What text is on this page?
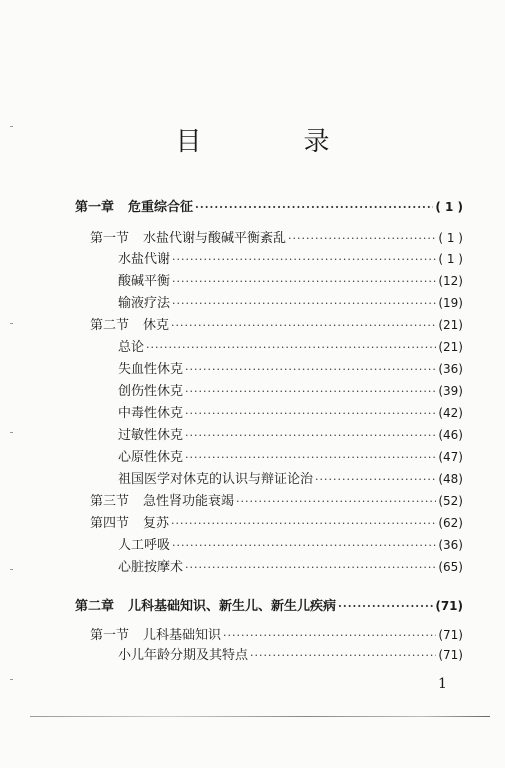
目　录
第一章 危重综合征 ·····	( 1 )
第一节 水盐代谢与酸碱平衡紊乱 ·····	( 1 )
水盐代谢 ·····	( 1 )
酸碱平衡 ·····	(12)
输液疗法 ·····	(19)
第二节 休克 ·····	(21)
总论 ·····	(21)
失血性休克 ·····	(36)
创伤性休克 ·····	(39)
中毒性休克 ·····	(42)
过敏性休克 ·····	(46)
心原性休克 ·····	(47)
祖国医学对休克的认识与辩证论治 ·····	(48)
第三节 急性肾功能衰竭 ·····	(52)
第四节 复苏 ·····	(62)
人工呼吸 ·····	(36)
心脏按摩术 ·····	(65)
第二章 儿科基础知识、新生儿、新生儿疾病 ·····	(71)
第一节 儿科基础知识 ·····	(71)
小儿年龄分期及其特点 ·····	(71)
1
